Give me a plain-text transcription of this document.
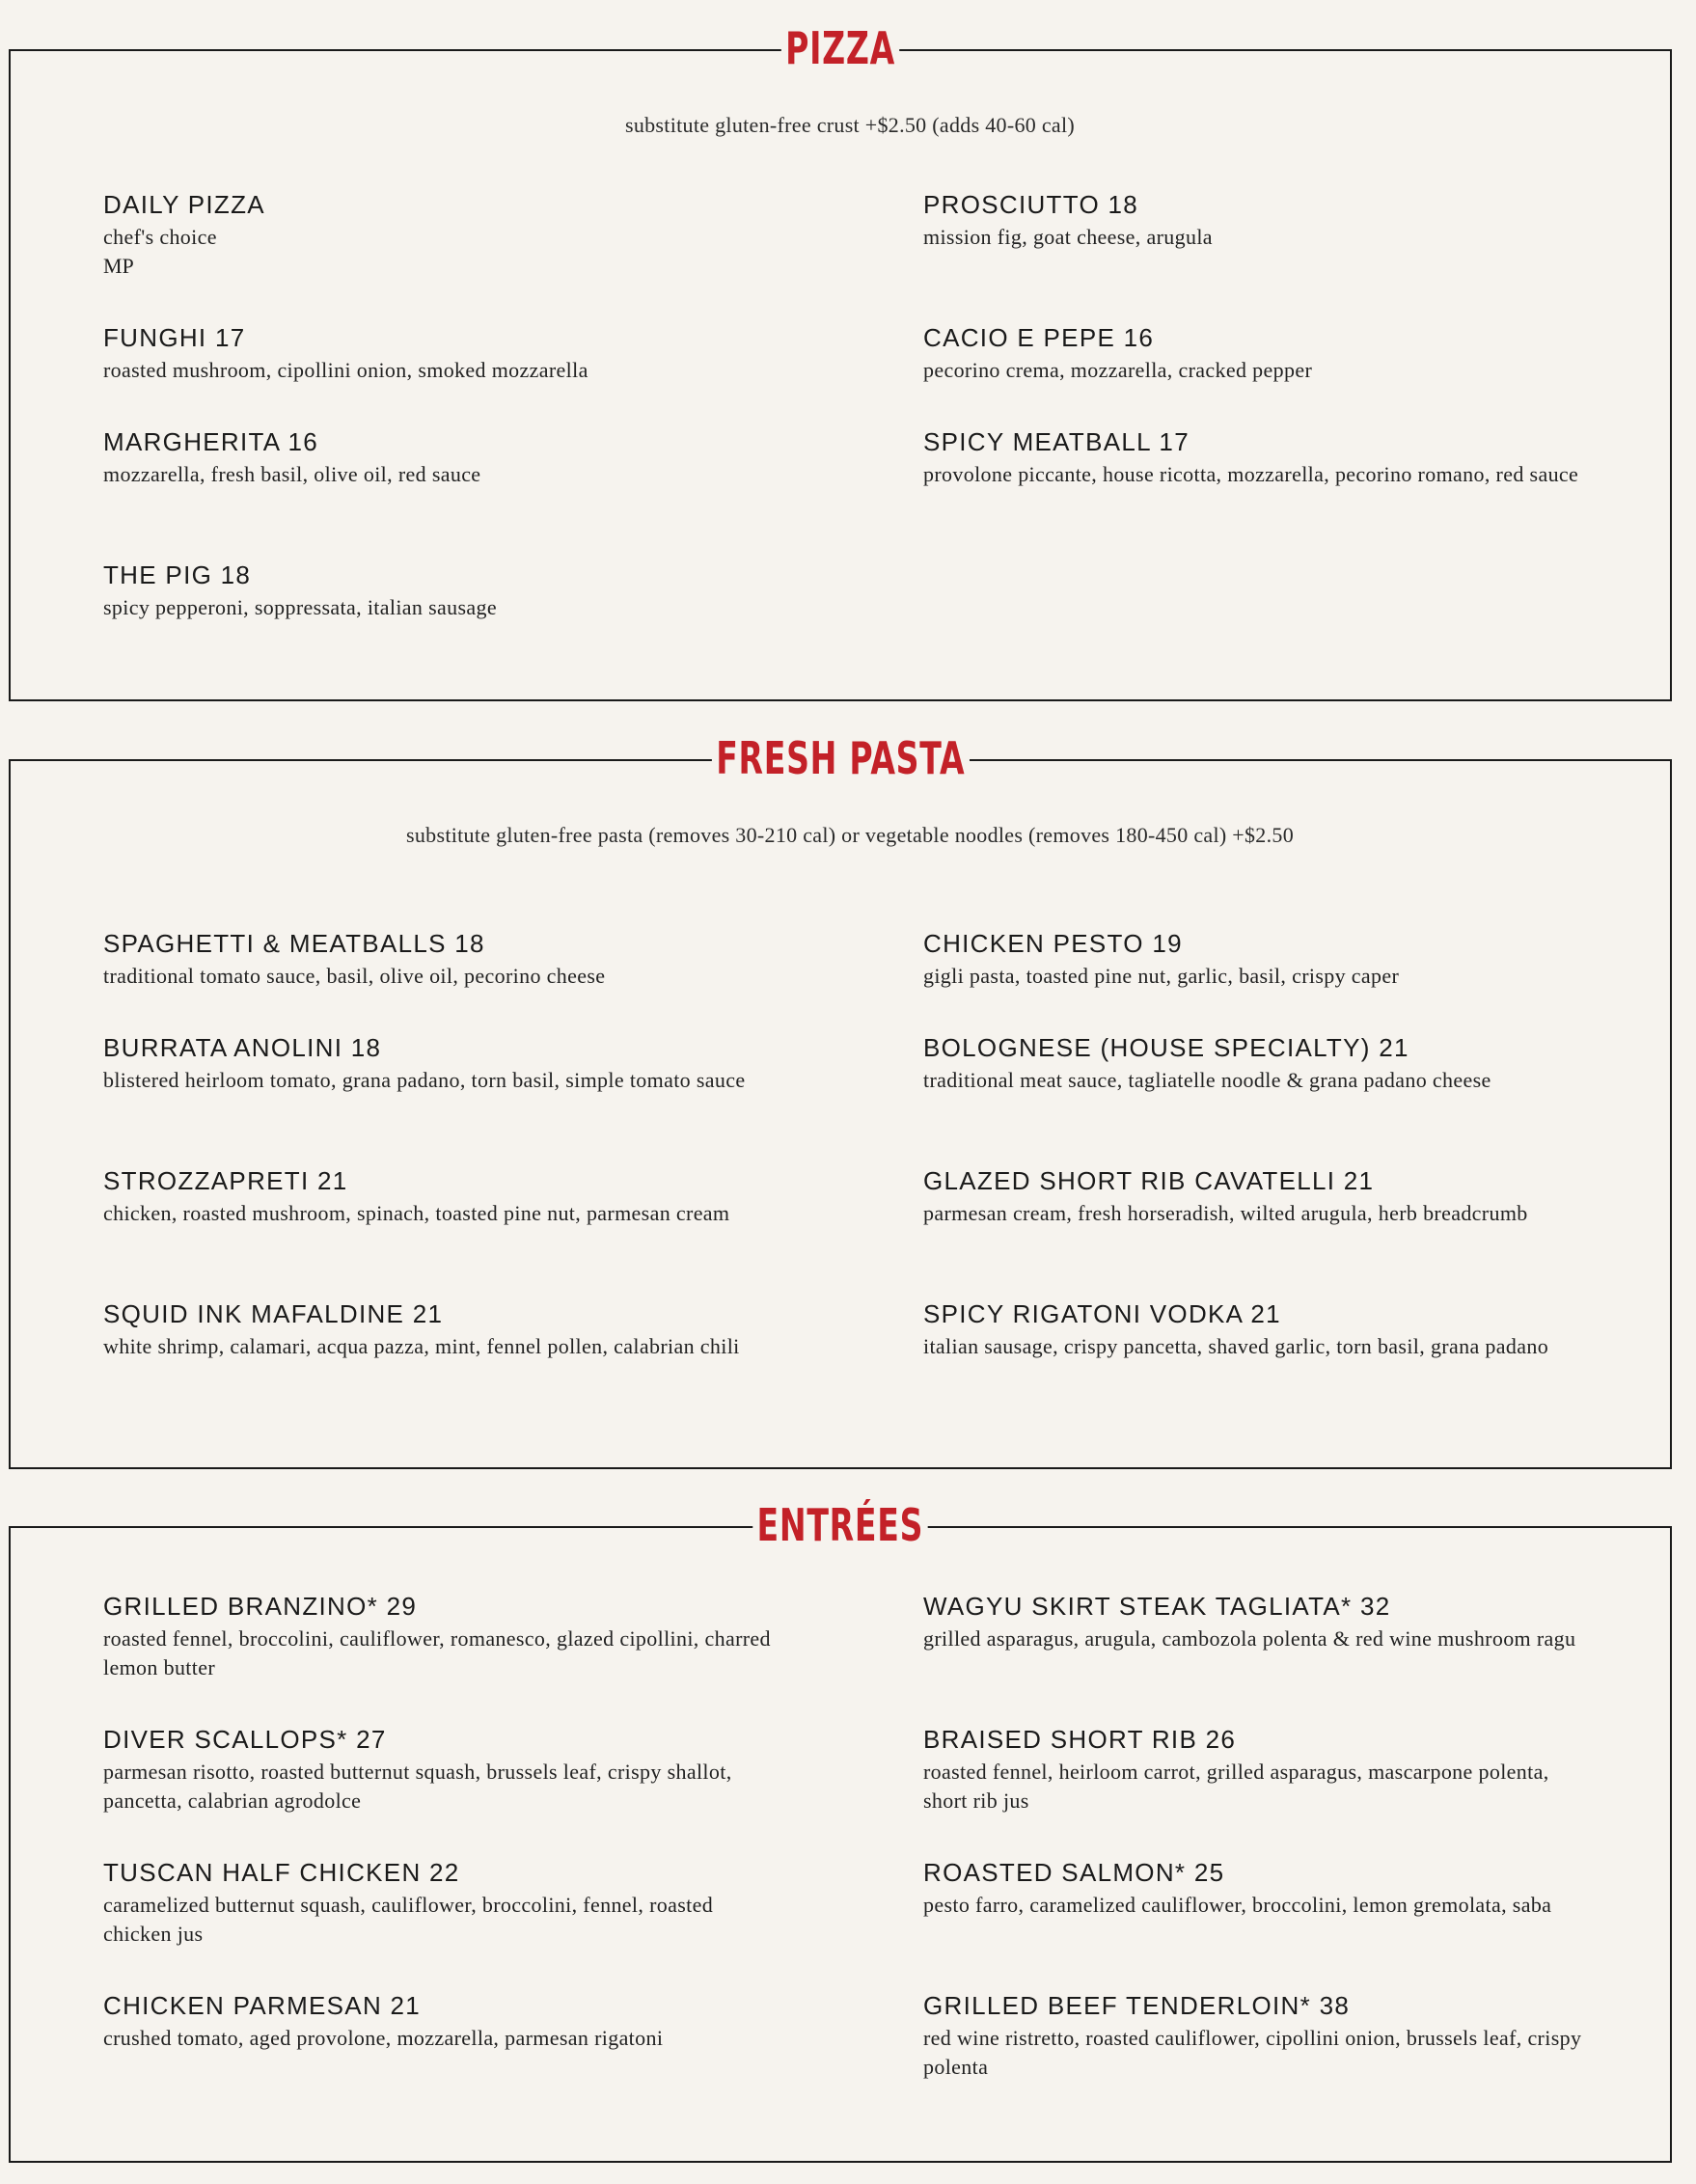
PIZZA
substitute gluten-free crust +$2.50 (adds 40-60 cal)
DAILY PIZZA
chef's choice
MP
PROSCIUTTO 18
mission fig, goat cheese, arugula
FUNGHI 17
roasted mushroom, cipollini onion, smoked mozzarella
CACIO E PEPE 16
pecorino crema, mozzarella, cracked pepper
MARGHERITA 16
mozzarella, fresh basil, olive oil, red sauce
SPICY MEATBALL 17
provolone piccante, house ricotta, mozzarella, pecorino romano, red sauce
THE PIG 18
spicy pepperoni, soppressata, italian sausage
FRESH PASTA
substitute gluten-free pasta (removes 30-210 cal) or vegetable noodles (removes 180-450 cal) +$2.50
SPAGHETTI & MEATBALLS 18
traditional tomato sauce, basil, olive oil, pecorino cheese
CHICKEN PESTO 19
gigli pasta, toasted pine nut, garlic, basil, crispy caper
BURRATA ANOLINI 18
blistered heirloom tomato, grana padano, torn basil, simple tomato sauce
BOLOGNESE (HOUSE SPECIALTY) 21
traditional meat sauce, tagliatelle noodle & grana padano cheese
STROZZAPRETI 21
chicken, roasted mushroom, spinach, toasted pine nut, parmesan cream
GLAZED SHORT RIB CAVATELLI 21
parmesan cream, fresh horseradish, wilted arugula, herb breadcrumb
SQUID INK MAFALDINE 21
white shrimp, calamari, acqua pazza, mint, fennel pollen, calabrian chili
SPICY RIGATONI VODKA 21
italian sausage, crispy pancetta, shaved garlic, torn basil, grana padano
ENTRÉES
GRILLED BRANZINO* 29
roasted fennel, broccolini, cauliflower, romanesco, glazed cipollini, charred lemon butter
WAGYU SKIRT STEAK TAGLIATA* 32
grilled asparagus, arugula, cambozola polenta & red wine mushroom ragu
DIVER SCALLOPS* 27
parmesan risotto, roasted butternut squash, brussels leaf, crispy shallot, pancetta, calabrian agrodolce
BRAISED SHORT RIB 26
roasted fennel, heirloom carrot, grilled asparagus, mascarpone polenta, short rib jus
TUSCAN HALF CHICKEN 22
caramelized butternut squash, cauliflower, broccolini, fennel, roasted chicken jus
ROASTED SALMON* 25
pesto farro, caramelized cauliflower, broccolini, lemon gremolata, saba
CHICKEN PARMESAN 21
crushed tomato, aged provolone, mozzarella, parmesan rigatoni
GRILLED BEEF TENDERLOIN* 38
red wine ristretto, roasted cauliflower, cipollini onion, brussels leaf, crispy polenta
